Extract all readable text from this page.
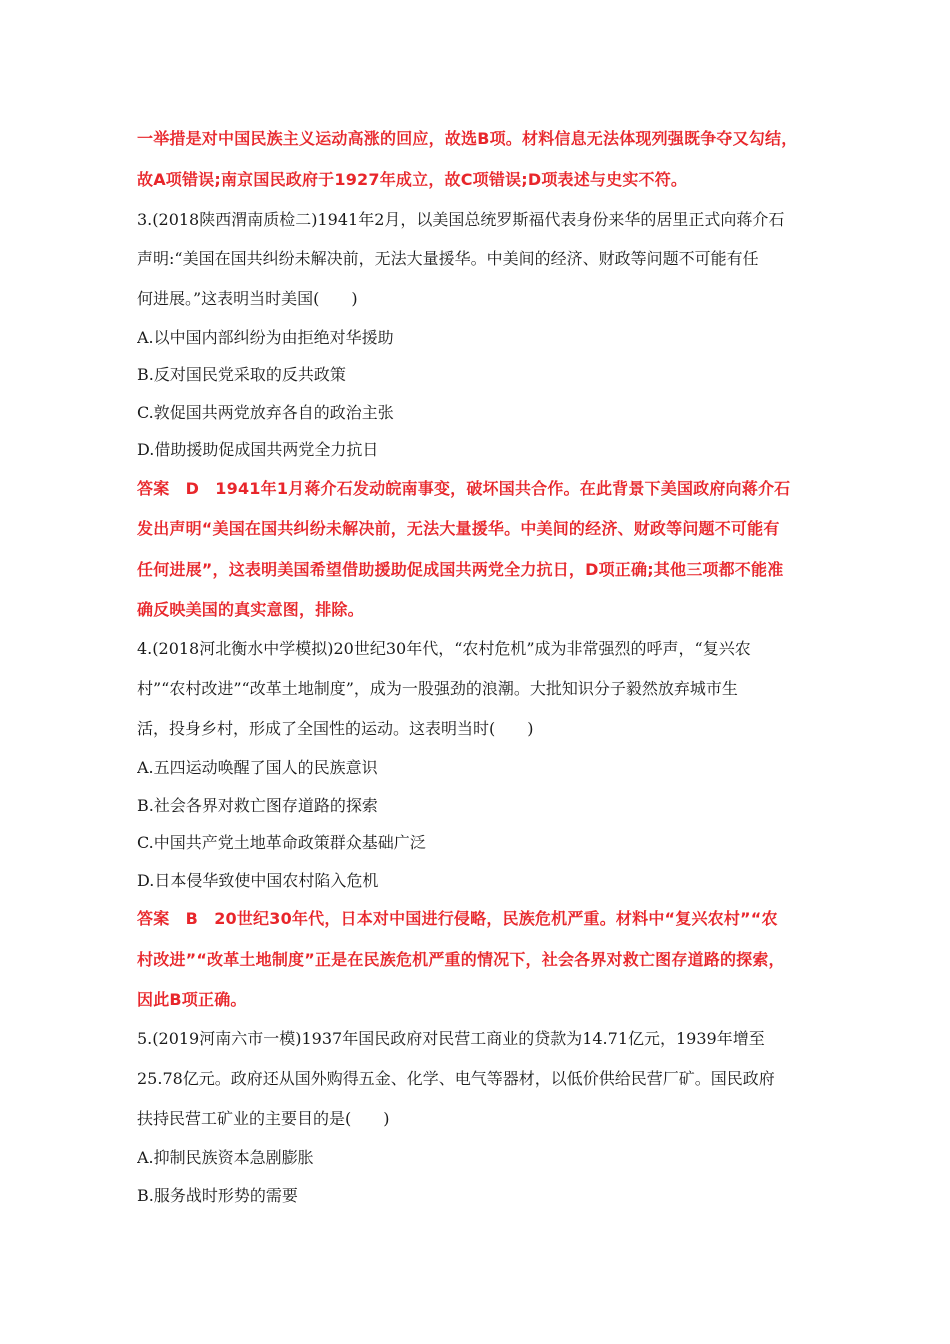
一举措是对中国民族主义运动高涨的回应，故选B项。材料信息无法体现列强既争夺又勾结，
故A项错误;南京国民政府于1927年成立，故C项错误;D项表述与史实不符。
3.(2018陕西渭南质检二)1941年2月，以美国总统罗斯福代表身份来华的居里正式向蒋介石
声明:“美国在国共纠纷未解决前，无法大量援华。中美间的经济、财政等问题不可能有任
何进展。”这表明当时美国(　　)
A.以中国内部纠纷为由拒绝对华援助
B.反对国民党采取的反共政策
C.敦促国共两党放弃各自的政治主张
D.借助援助促成国共两党全力抗日
答案　D　1941年1月蒋介石发动皖南事变，破坏国共合作。在此背景下美国政府向蒋介石
发出声明“美国在国共纠纷未解决前，无法大量援华。中美间的经济、财政等问题不可能有
任何进展”，这表明美国希望借助援助促成国共两党全力抗日，D项正确;其他三项都不能准
确反映美国的真实意图，排除。
4.(2018河北衡水中学模拟)20世纪30年代，“农村危机”成为非常强烈的呼声，“复兴农
村”“农村改进”“改革土地制度”，成为一股强劲的浪潮。大批知识分子毅然放弃城市生
活，投身乡村，形成了全国性的运动。这表明当时(　　)
A.五四运动唤醒了国人的民族意识
B.社会各界对救亡图存道路的探索
C.中国共产党土地革命政策群众基础广泛
D.日本侵华致使中国农村陷入危机
答案　B　20世纪30年代，日本对中国进行侵略，民族危机严重。材料中“复兴农村”“农
村改进”“改革土地制度”正是在民族危机严重的情况下，社会各界对救亡图存道路的探索，
因此B项正确。
5.(2019河南六市一模)1937年国民政府对民营工商业的贷款为14.71亿元，1939年增至
25.78亿元。政府还从国外购得五金、化学、电气等器材，以低价供给民营厂矿。国民政府
扶持民营工矿业的主要目的是(　　)
A.抑制民族资本急剧膨胀
B.服务战时形势的需要
